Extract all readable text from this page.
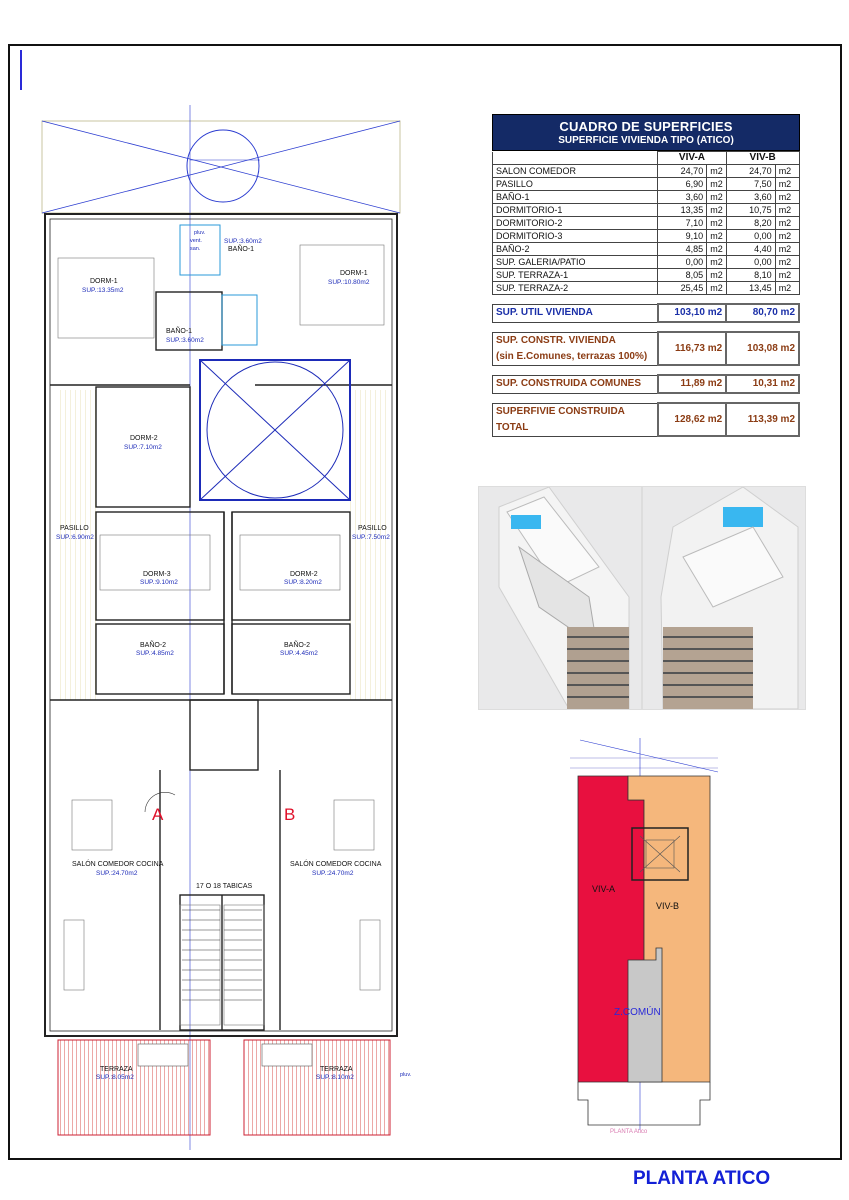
A	B
DORM-1
SUP.:13.35m2
DORM-1
SUP.:10.80m2
BAÑO-1
SUP.:3.60m2
SUP.:3.60m2
BAÑO-1
pluv.
vent.
san.
DORM-2
SUP.:7.10m2
PASILLO
SUP.:6.90m2
PASILLO
SUP.:7.50m2
DORM-3
SUP.:9.10m2
DORM-2
SUP.:8.20m2
BAÑO-2
SUP.:4.85m2
BAÑO-2
SUP.:4.45m2
SALÓN COMEDOR COCINA
SUP.:24.70m2
SALÓN COMEDOR COCINA
SUP.:24.70m2
17 O 18 TABICAS
TERRAZA
SUP.:8.05m2
TERRAZA
SUP.:8.10m2	pluv.
CUADRO DE SUPERFICIES
SUPERFICIE VIVIENDA TIPO (ATICO)
	VIV-A		VIV-B	
SALON COMEDOR	24,70	m2	24,70	m2
PASILLO	6,90	m2	7,50	m2
BAÑO-1	3,60	m2	3,60	m2
DORMITORIO-1	13,35	m2	10,75	m2
DORMITORIO-2	7,10	m2	8,20	m2
DORMITORIO-3	9,10	m2	0,00	m2
BAÑO-2	4,85	m2	4,40	m2
SUP. GALERIA/PATIO	0,00	m2	0,00	m2
SUP. TERRAZA-1	8,05	m2	8,10	m2
SUP. TERRAZA-2	25,45	m2	13,45	m2

SUP. UTIL VIVIENDA	103,10 m2		80,70 m2	

SUP. CONSTR. VIVIENDA
(sin E.Comunes, terrazas 100%)	116,73 m2		103,08 m2	

SUP. CONSTRUIDA COMUNES	11,89 m2		10,31 m2	

SUPERFIVIE CONSTRUIDA
TOTAL	128,62 m2		113,39 m2	
VIV-A
VIV-B
Z.COMÚN
PLANTA Atico
PLANTA ATICO
